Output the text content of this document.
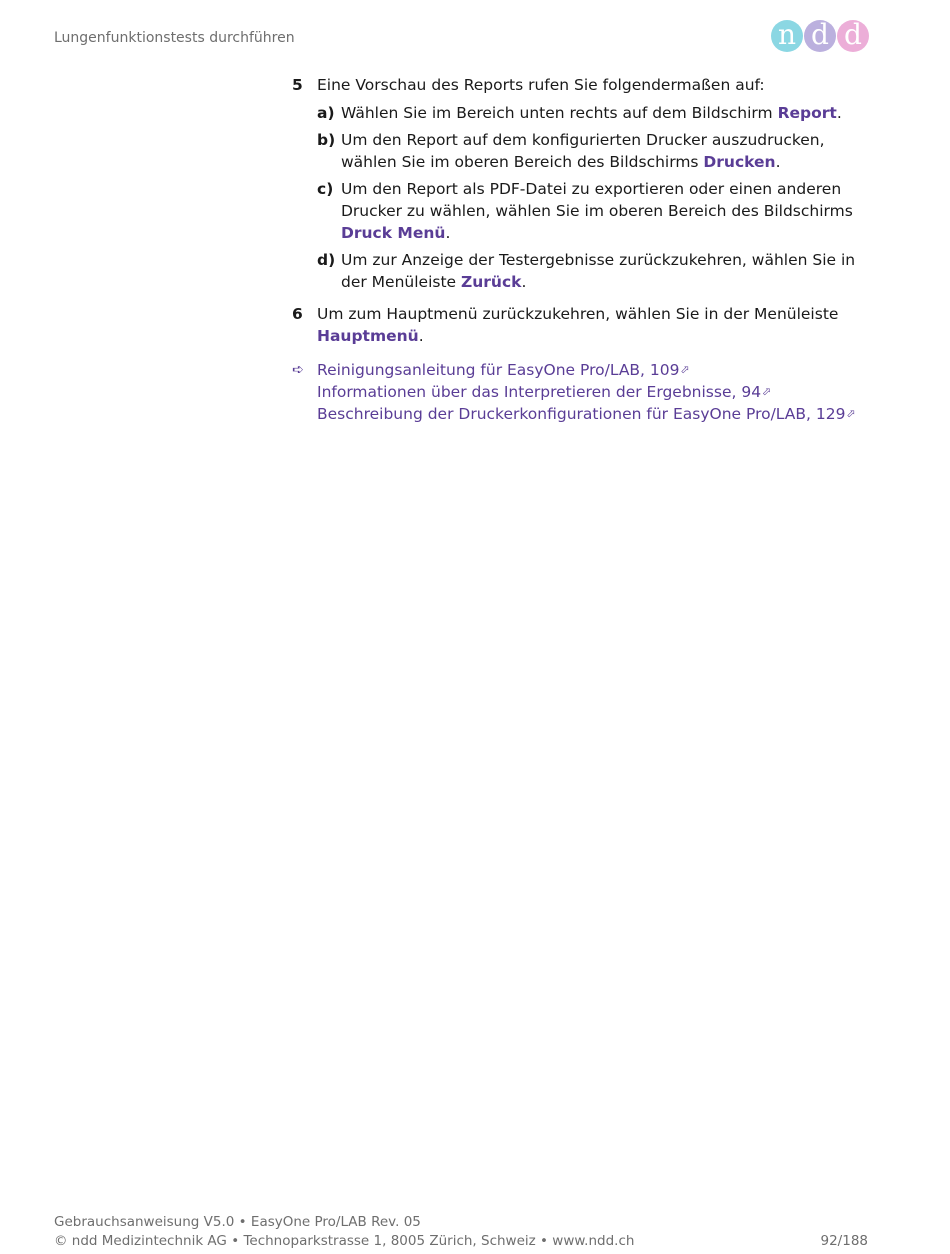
Lungenfunktionstests durchführen	n d d
5 Eine Vorschau des Reports rufen Sie folgendermaßen auf:
a) Wählen Sie im Bereich unten rechts auf dem Bildschirm Report.
b) Um den Report auf dem konfigurierten Drucker auszudrucken, wählen Sie im oberen Bereich des Bildschirms Drucken.
c) Um den Report als PDF-Datei zu exportieren oder einen anderen Drucker zu wählen, wählen Sie im oberen Bereich des Bildschirms Druck Menü.
d) Um zur Anzeige der Testergebnisse zurückzukehren, wählen Sie in der Menüleiste Zurück.
6 Um zum Hauptmenü zurückzukehren, wählen Sie in der Menüleiste Hauptmenü.
➪ Reinigungsanleitung für EasyOne Pro/LAB, 109⬀
Informationen über das Interpretieren der Ergebnisse, 94⬀
Beschreibung der Druckerkonfigurationen für EasyOne Pro/LAB, 129⬀
Gebrauchsanweisung V5.0 • EasyOne Pro/LAB Rev. 05
© ndd Medizintechnik AG • Technoparkstrasse 1, 8005 Zürich, Schweiz • www.ndd.ch	92/188
